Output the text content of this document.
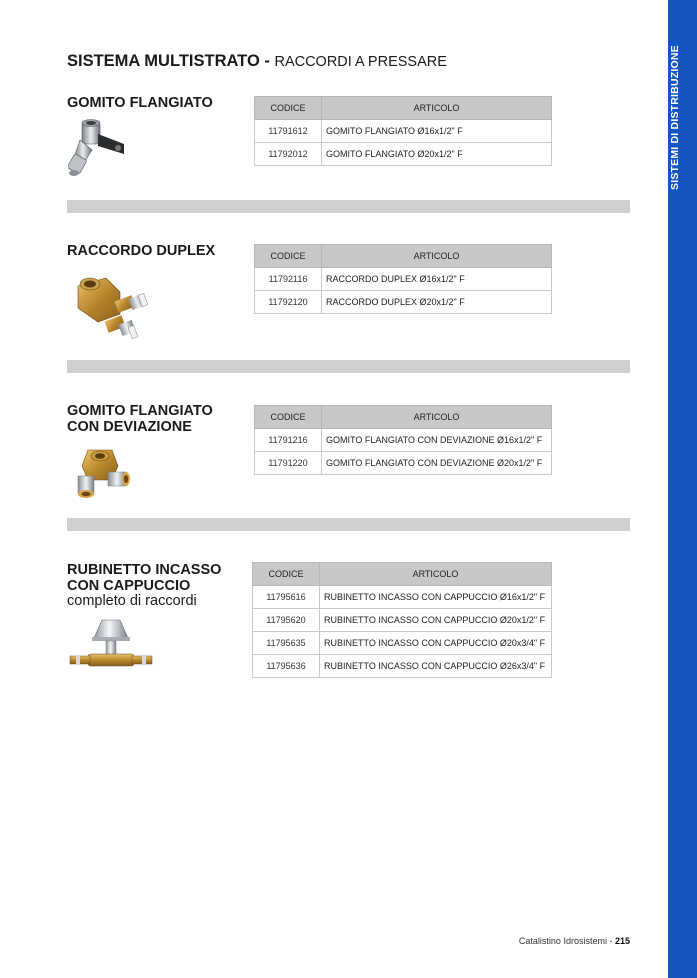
SISTEMI DI DISTRIBUZIONE
SISTEMA MULTISTRATO - RACCORDI A PRESSARE
GOMITO FLANGIATO	CODICE	ARTICOLO
11791612	GOMITO FLANGIATO Ø16x1/2" F
11792012	GOMITO FLANGIATO Ø20x1/2" F
RACCORDO DUPLEX	CODICE	ARTICOLO
11792116	RACCORDO DUPLEX Ø16x1/2" F
11792120	RACCORDO DUPLEX Ø20x1/2" F
GOMITO FLANGIATO
CON DEVIAZIONE
CODICE	ARTICOLO
11791216	GOMITO FLANGIATO CON DEVIAZIONE Ø16x1/2" F
11791220	GOMITO FLANGIATO CON DEVIAZIONE Ø20x1/2" F
RUBINETTO INCASSO
CON CAPPUCCIO
completo di raccordi
CODICE	ARTICOLO
11795616	RUBINETTO INCASSO CON CAPPUCCIO Ø16x1/2" F
11795620	RUBINETTO INCASSO CON CAPPUCCIO Ø20x1/2" F
11795635	RUBINETTO INCASSO CON CAPPUCCIO Ø20x3/4" F
11795636	RUBINETTO INCASSO CON CAPPUCCIO Ø26x3/4" F
Catalistino Idrosistemi - 215
